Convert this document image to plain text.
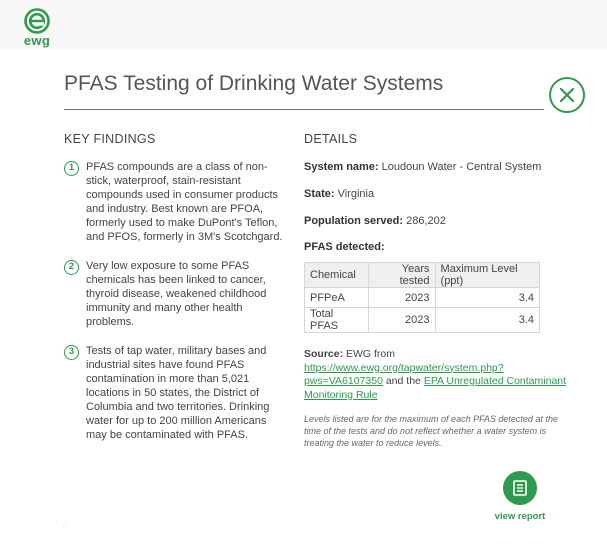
ewg
PFAS Testing of Drinking Water Systems
KEY FINDINGS
1	PFAS compounds are a class of non-stick, waterproof, stain-resistant compounds used in consumer products and industry. Best known are PFOA, formerly used to make DuPont's Teflon, and PFOS, formerly in 3M's Scotchgard.
2	Very low exposure to some PFAS chemicals has been linked to cancer, thyroid disease, weakened childhood immunity and many other health problems.
3	Tests of tap water, military bases and industrial sites have found PFAS contamination in more than 5,021 locations in 50 states, the District of Columbia and two territories. Drinking water for up to 200 million Americans may be contaminated with PFAS.
DETAILS
System name: Loudoun Water - Central System
State: Virginia
Population served: 286,202
PFAS detected:
Chemical	Years tested	Maximum Level (ppt)
PFPeA	2023	3.4
Total PFAS	2023	3.4
Source: EWG from
https://www.ewg.org/tapwater/system.php?pws=VA6107350 and the EPA Unregulated Contaminant Monitoring Rule
Levels listed are for the maximum of each PFAS detected at the time of the tests and do not reflect whether a water system is treating the water to reduce levels.
view report
.
